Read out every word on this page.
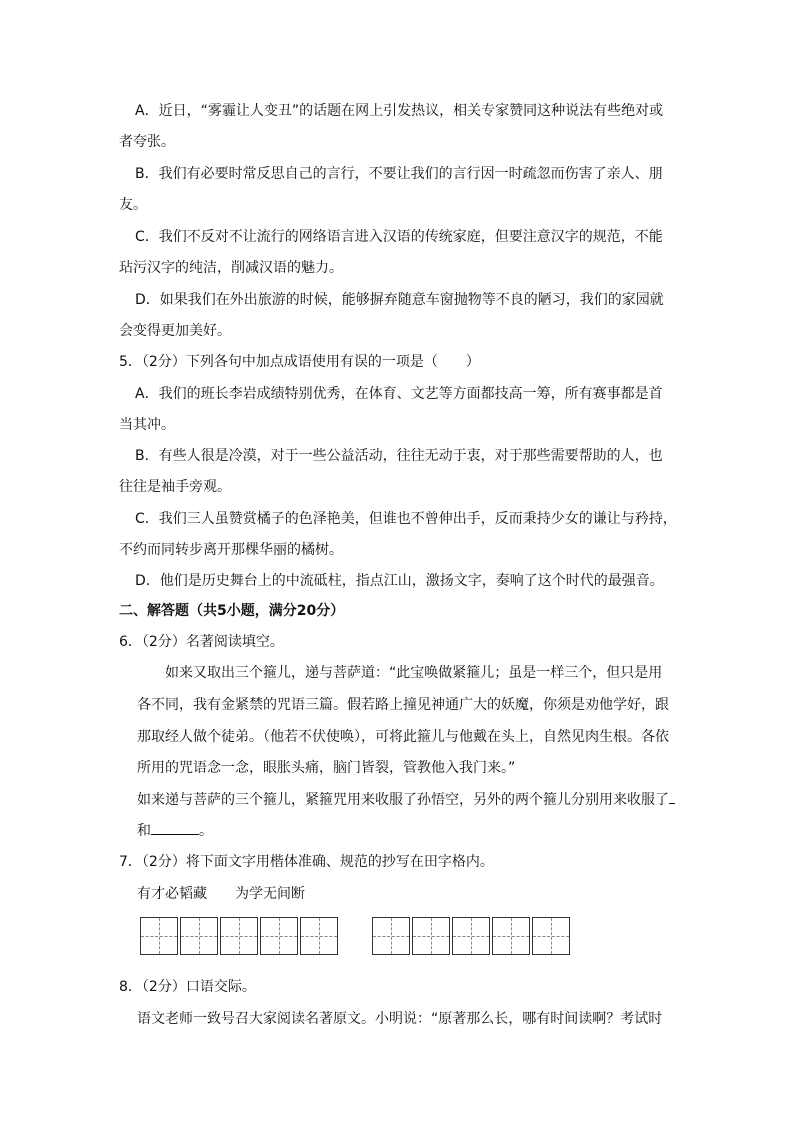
A．近日，“雾霾让人变丑”的话题在网上引发热议，相关专家赞同这种说法有些绝对或
者夸张。
B．我们有必要时常反思自己的言行，不要让我们的言行因一时疏忽而伤害了亲人、朋
友。
C．我们不反对不让流行的网络语言进入汉语的传统家庭，但要注意汉字的规范，不能
玷污汉字的纯洁，削减汉语的魅力。
D．如果我们在外出旅游的时候，能够摒弃随意车窗抛物等不良的陋习，我们的家园就
会变得更加美好。
5．（2分）下列各句中加点成语使用有误的一项是（　　）
A．我们的班长李岩成绩特别优秀，在体育、文艺等方面都技高一筹，所有赛事都是首
当其冲。
B．有些人很是冷漠，对于一些公益活动，往往无动于衷，对于那些需要帮助的人，也
往往是袖手旁观。
C．我们三人虽赞赏橘子的色泽艳美，但谁也不曾伸出手，反而秉持少女的谦让与矜持，
不约而同转步离开那棵华丽的橘树。
D．他们是历史舞台上的中流砥柱，指点江山，激扬文字，奏响了这个时代的最强音。
二、解答题（共5小题，满分20分）
6．（2分）名著阅读填空。
如来又取出三个箍儿，递与菩萨道：“此宝唤做紧箍儿；虽是一样三个，但只是用
各不同，我有金紧禁的咒语三篇。假若路上撞见神通广大的妖魔，你须是劝他学好，跟
那取经人做个徒弟。（他若不伏使唤），可将此箍儿与他戴在头上，自然见肉生根。各依
所用的咒语念一念，眼胀头痛，脑门皆裂，管教他入我门来。”
如来递与菩萨的三个箍儿，紧箍咒用来收服了孙悟空，另外的两个箍儿分别用来收服了
和	。
7．（2分）将下面文字用楷体准确、规范的抄写在田字格内。
有才必韬藏 为学无间断
8．（2分）口语交际。
语文老师一致号召大家阅读名著原文。小明说：“原著那么长，哪有时间读啊？考试时
